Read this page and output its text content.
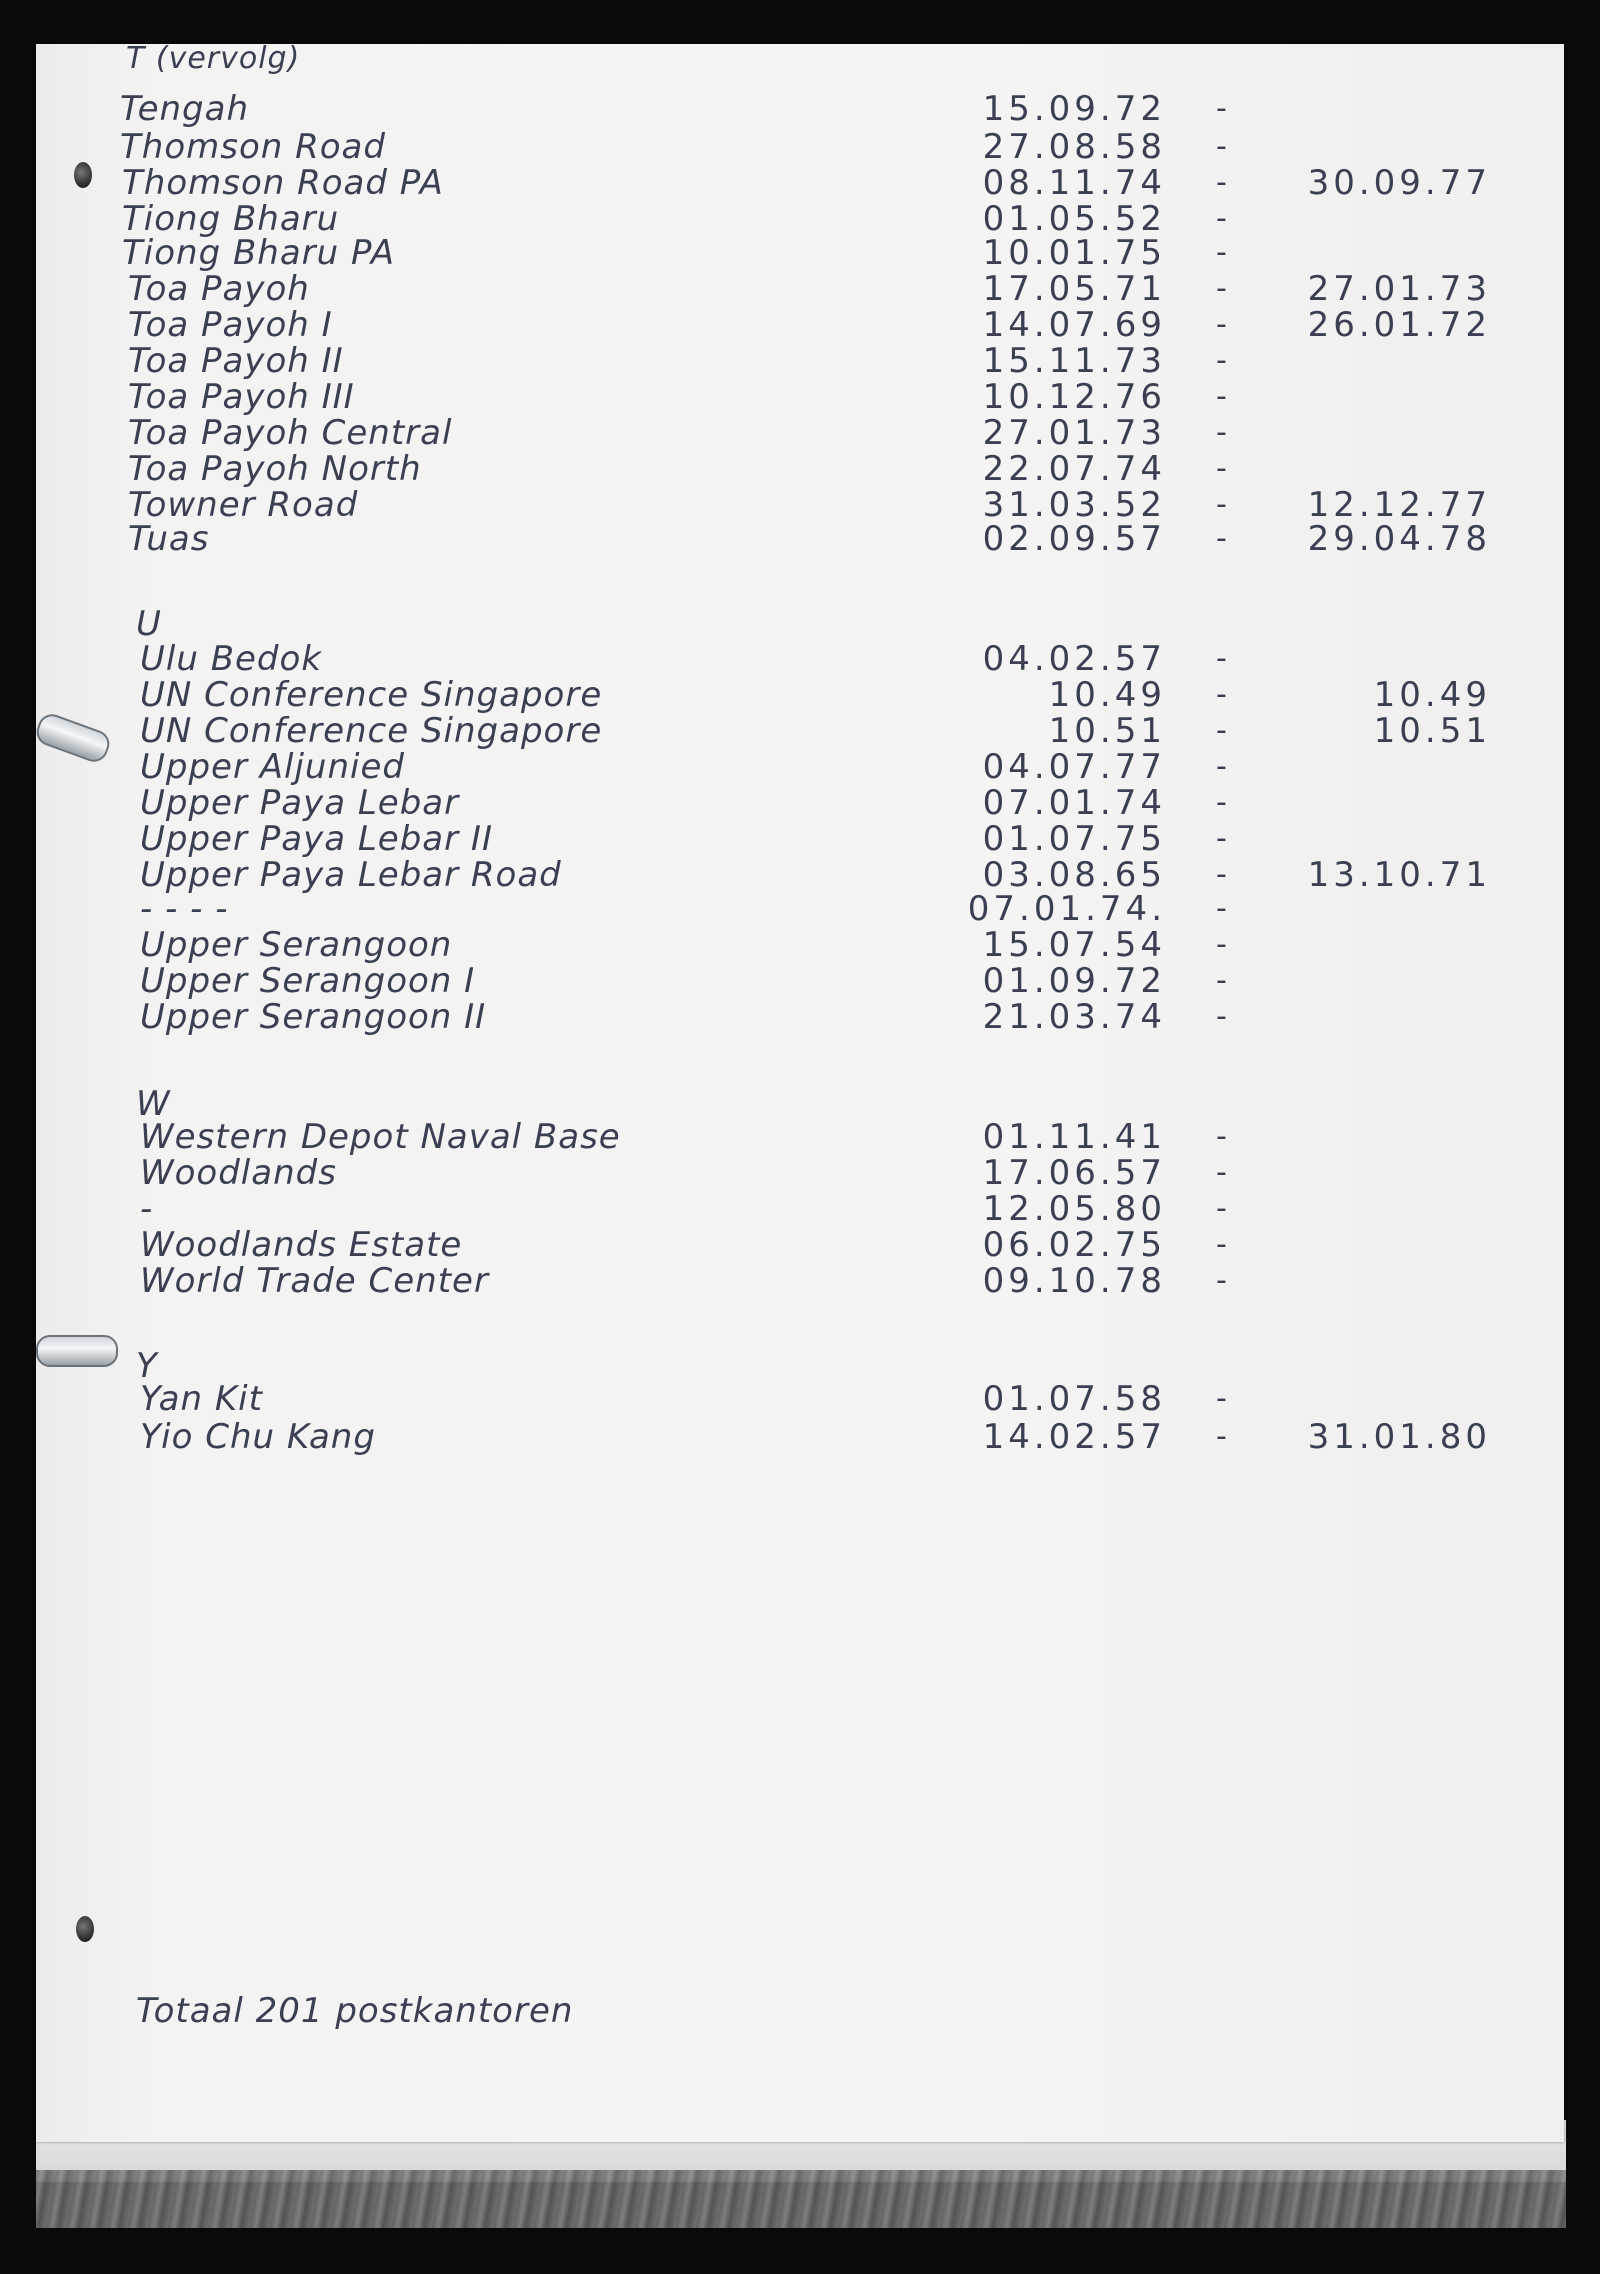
T (vervolg)
Totaal 201 postkantoren
Tengah	15.09.72 -
Thomson Road	27.08.58 -
Thomson Road PA	08.11.74 - 30.09.77
Tiong Bharu	01.05.52 -
Tiong Bharu PA	10.01.75 -
Toa Payoh	17.05.71 - 27.01.73
Toa Payoh I	14.07.69 - 26.01.72
Toa Payoh II	15.11.73 -
Toa Payoh III	10.12.76 -
Toa Payoh Central	27.01.73 -
Toa Payoh North	22.07.74 -
Towner Road	31.03.52 - 12.12.77
Tuas	02.09.57 - 29.04.78
U
Ulu Bedok	04.02.57 -
UN Conference Singapore	10.49 -	10.49
UN Conference Singapore	10.51 -	10.51
Upper Aljunied	04.07.77 -
Upper Paya Lebar	07.01.74 -
Upper Paya Lebar II	01.07.75 -
Upper Paya Lebar Road	03.08.65 - 13.10.71
- - - -	07.01.74. -
Upper Serangoon	15.07.54 -
Upper Serangoon I	01.09.72 -
Upper Serangoon II	21.03.74 -
W
Western Depot Naval Base	01.11.41 -
Woodlands	17.06.57 -
-	12.05.80 -
Woodlands Estate	06.02.75 -
World Trade Center	09.10.78 -
Y
Yan Kit	01.07.58 -
Yio Chu Kang	14.02.57 - 31.01.80
